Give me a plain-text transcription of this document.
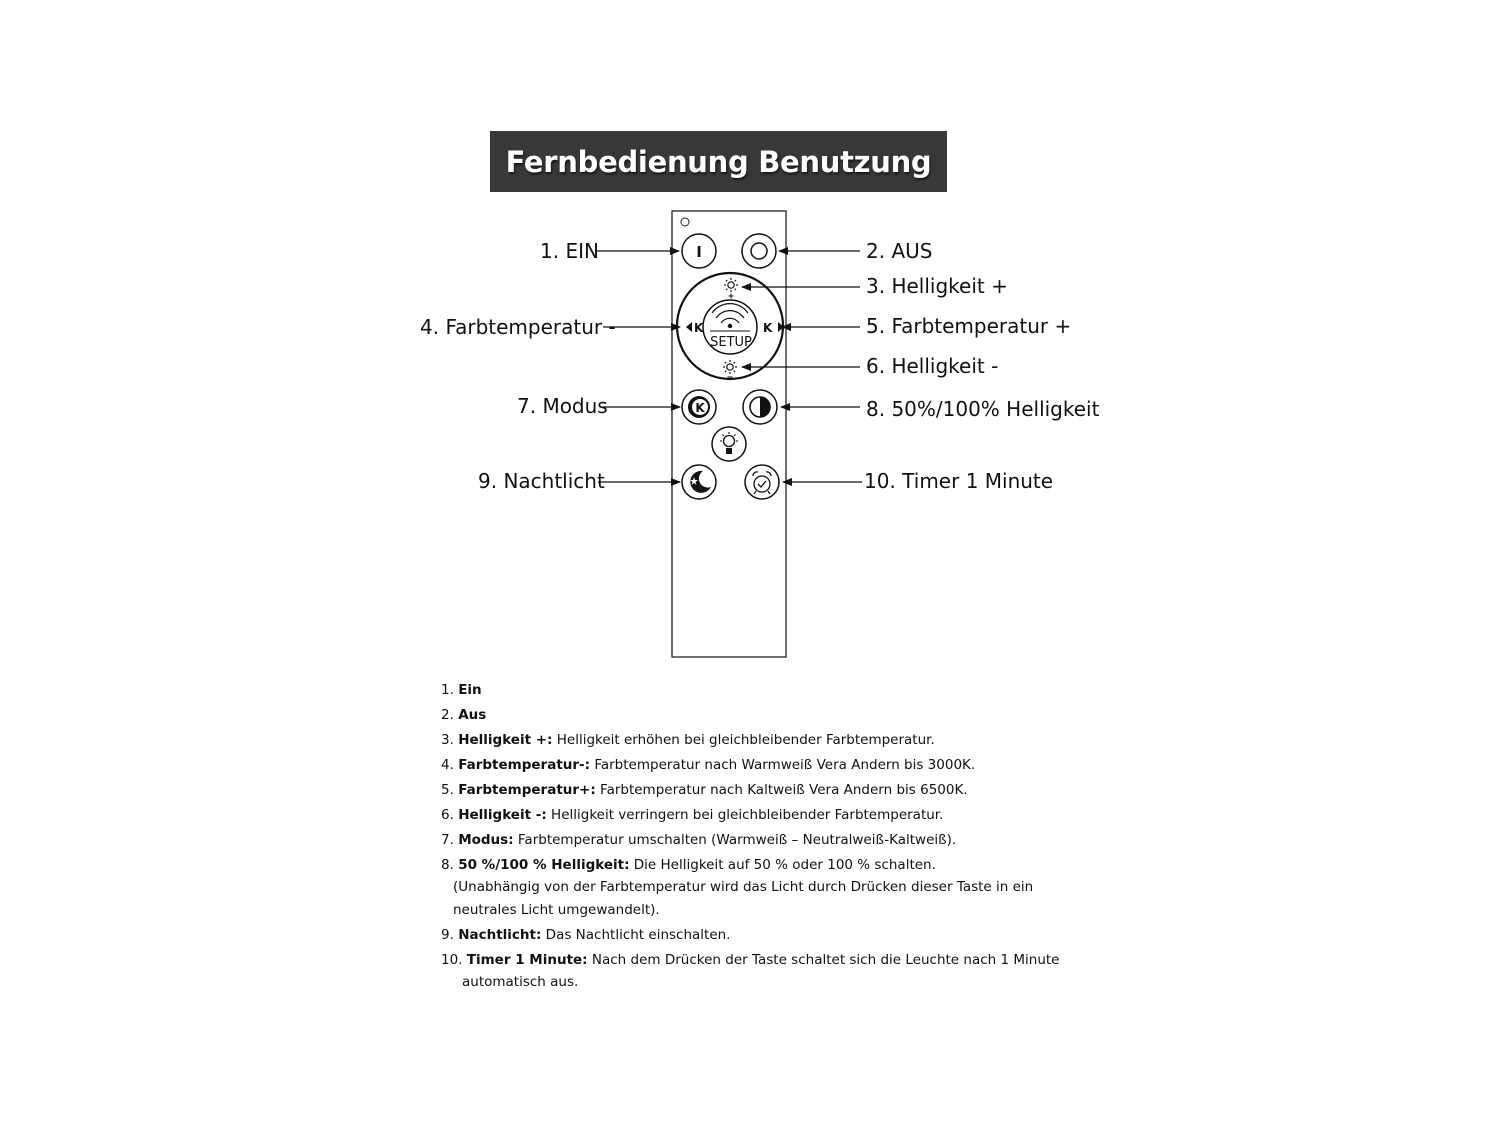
Fernbedienung Benutzung
I
K	K
SETUP
K
1. EIN	2. AUS
3. Helligkeit +
4. Farbtemperatur -	5. Farbtemperatur +
6. Helligkeit -
7. Modus	8. 50%/100% Helligkeit
9. Nachtlicht	10. Timer 1 Minute
1. Ein
2. Aus
3. Helligkeit +: Helligkeit erhöhen bei gleichbleibender Farbtemperatur.
4. Farbtemperatur-: Farbtemperatur nach Warmweiß Vera Andern bis 3000K.
5. Farbtemperatur+: Farbtemperatur nach Kaltweiß Vera Andern bis 6500K.
6. Helligkeit -: Helligkeit verringern bei gleichbleibender Farbtemperatur.
7. Modus: Farbtemperatur umschalten (Warmweiß – Neutralweiß-Kaltweiß).
8. 50 %/100 % Helligkeit: Die Helligkeit auf 50 % oder 100 % schalten.
(Unabhängig von der Farbtemperatur wird das Licht durch Drücken dieser Taste in ein
neutrales Licht umgewandelt).
9. Nachtlicht: Das Nachtlicht einschalten.
10. Timer 1 Minute: Nach dem Drücken der Taste schaltet sich die Leuchte nach 1 Minute
automatisch aus.
